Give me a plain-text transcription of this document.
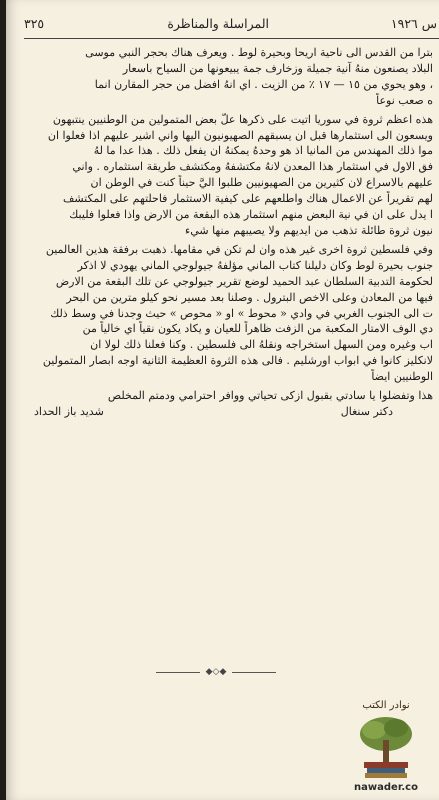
س ١٩٢٦
المراسلة والمناظرة
٣٢٥

بترا من القدس الى ناحية اريحا وبحيرة لوط . ويعرف هناك بحجر النبي موسى
البلاد يصنعون منهُ آنية جميلة وزخارف جمة يبيعونها من السياح باسعار
، وهو يحوي من ١٥ — ١٧ ٪ من الزيت . اي انهُ افضل من حجر المقارن انما
ه صعب نوعاً

هذه اعظم ثروة في سوريا اتيت على ذكرها علّ بعض المتمولين من الوطنيين ينتبهون
ويسعون الى استثمارها قبل ان يسبقهم الصهيونيون اليها واني اشير عليهم اذا فعلوا ان
موا ذلك المهندس من المانيا اذ هو وحدهُ يمكنهُ ان يفعل ذلك . هذا عدا ما لهُ
فق الاول في استثمار هذا المعدن لانهُ مكتشفهُ ومكتشف طريقة استثماره . واني
عليهم بالاسراع لان كثيرين من الصهيونيين طلبوا اليَّ حيناً كنت في الوطن ان
لهم تقريراً عن الاعمال هناك واطلعهم على كيفية الاستثمار فاحلتهم على المكتشف
ا يدل على ان في نية البعض منهم استثمار هذه البقعة من الارض واذا فعلوا فليبك
نيون ثروة طائلة تذهب من ايديهم ولا يصيبهم منها شيء

وفي فلسطين ثروة اخرى غير هذه وان لم تكن في مقامها. ذهبت برفقة هذين العالمين
جنوب بحيرة لوط وكان دليلنا كتاب الماني مؤلفهُ جيولوجي الماني يهودي لا اذكر
لحكومة التدبية السلطان عبد الحميد لوضع تقرير جيولوجي عن تلك البقعة من الارض
فيها من المعادن وعلى الاخص البترول . وصلنا بعد مسير نحو كيلو مترين من البحر
ت الى الجنوب الغربي في وادي « محوط » او « محوص » حيث وجدنا في وسط ذلك
دي الوف الامتار المكعبة من الزفت ظاهراً للعيان و يكاد يكون نقياً اي خالياً من
اب وغيره ومن السهل استخراجه ونقلهُ الى فلسطين . وكنا فعلنا ذلك لولا ان
لانكليز كانوا في ابواب اورشليم . فالى هذه الثروة العظيمة الثانية اوجه ابصار المتمولين
الوطنيين ايضاً

هذا وتفضلوا يا سادتي بقبول ازكى تحياتي ووافر احترامي ودمتم المخلص

دكتر سنغال
شديد باز الحداد
◆◇◆
نوادر الكتب
nawader.co
